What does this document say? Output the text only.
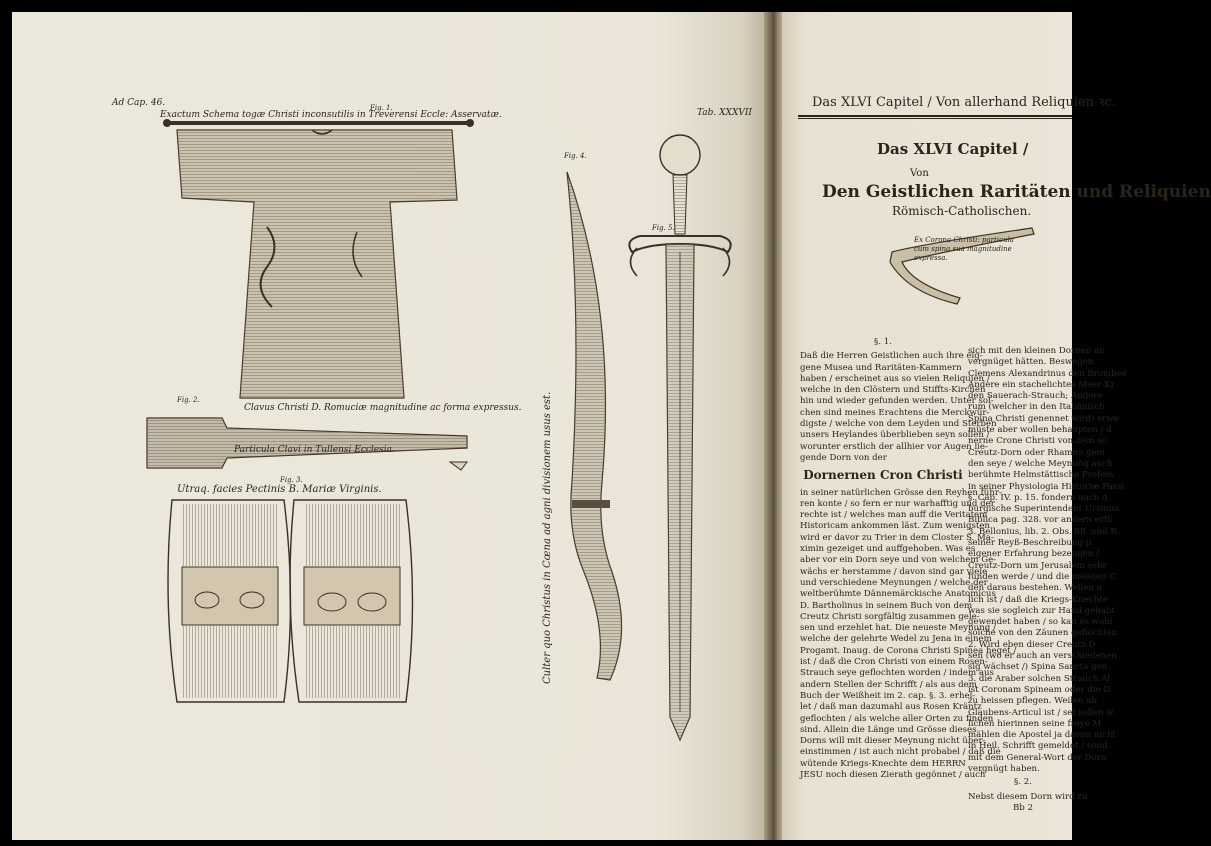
Ad Cap. 46.
Tab. XXXVII
Fig. 1.
Exactum Schema togæ Christi inconsutilis in Treverensi Eccle: Asservatæ.
Fig. 2.
Clavus Christi D. Romuciæ magnitudine ac forma expressus.
Particula Clavi in Tullensi Ecclesia.
Fig. 3.
Utraq. facies Pectinis B. Mariæ Virginis.
Fig. 4.
Culter quo Christus in Cœna ad agni divisionem usus est.
Fig. 5.
Das XLVI Capitel / Von allerhand Reliquien ꝛc.
Das XLVI Capitel /
Von
Den Geistlichen Raritäten und Reliquien
Römisch-Catholischen.
Ex Corona Christi: particula cum spina sua magnitudine expressa.
§. 1.
Daß die Herren Geistlichen auch ihre eig-
gene Musea und Raritäten-Kammern
haben / erscheinet aus so vielen Reliquien /
welche in den Clöstern und Stiffts-Kirchen
hin und wieder gefunden werden. Unter sol-
chen sind meines Erachtens die Merckwür-
digste / welche von dem Leyden und Sterben
unsers Heylandes überblieben seyn sollen /
worunter erstlich der allhier vor Augen lie-
gende Dorn von der
Dornernen Cron Christi
in seiner natürlichen Grösse den Reyhen führ-
ren konte / so fern er nur warhafftig und der
rechte ist / welches man auff die Veritatem
Historicam ankommen läst. Zum wenigsten
wird er davor zu Trier in dem Closter S. Ma-
ximin gezeiget und auffgehoben. Was es
aber vor ein Dorn seye und von welchem Ge-
wächs er herstamme / davon sind gar viele
und verschiedene Meynungen / welche der
weltberühmte Dännemärckische Anatomicus
D. Bartholinus in seinem Buch von dem
Creutz Christi sorgfältig zusammen gele-
sen und erzehlet hat. Die neueste Meynung /
welche der gelehrte Wedel zu Jena in einem
Progamt. Inaug. de Corona Christi Spinea heget /
ist / daß die Cron Christi von einem Rosen-
Strauch seye geflochten worden / indem aus
andern Stellen der Schrifft / als aus dem
Buch der Weißheit im 2. cap. §. 3. erhel-
let / daß man dazumahl aus Rosen Kräntz
geflochten / als welche aller Orten zu finden
sind. Allein die Länge und Grösse dieses
Dorns will mit dieser Meynung nicht über-
einstimmen / ist auch nicht probabel / daß die
wütende Kriegs-Knechte dem HERRN
JESU noch diesen Zierath gegönnet / auch
sich mit den kleinen Dornen an
vergnüget hätten. Beswegen
Clemens Alexandrinus den Brombee
Andere ein stachelichtes Meer-Kr
den Sauerach-Strauch; Andere
rum (welcher in den Italiänisch
Spina Christi genennet wird) erwe
müste aber wollen behaupten / d
nerne Crone Christi von dem so
Creutz-Dorn oder Rhamno gem
den seye / welche Meynung auch
berühmte Helmstättische Profess
in seiner Physiologia Historiæ Passi
§. Cap. IV. p. 15. fondern auch d
burgische Superintendent Ursinus
Biblica pag. 328. vor andern erfü
3. Bellonius, lib. 2. Obs. 88. und R
seiner Reyß-Beschreibung p.
eigener Erfahrung bezeugen /
Creutz-Dorn um Jerusalem sehr
funden werde / und die meisten C
den daraus bestehen. Weilen n
lich ist / daß die Kriegs-Knechte
was sie sogleich zur Hand gehabt
gewendet haben / so kan es wohl
solche von den Zäunen geflochten
2. Wird eben dieser Creutz-D
sen (wo er auch an verschiedenen
sig wächset /) Spina Sancta gen
3. die Araber solchen Strauch Al
ist Coronam Spineam oder die D
zu heissen pflegen. Weilen ab
Glaubens-Articul ist / sel sollen w
lichen hierinnen seine freye M
mählen die Apostel ja davon nicht
in Heil. Schrifft gemeldet / sond
mit dem General-Wort der Dorn
vergnügt haben.
§. 2.
Nebst diesem Dorn wird zu
Bb 2
